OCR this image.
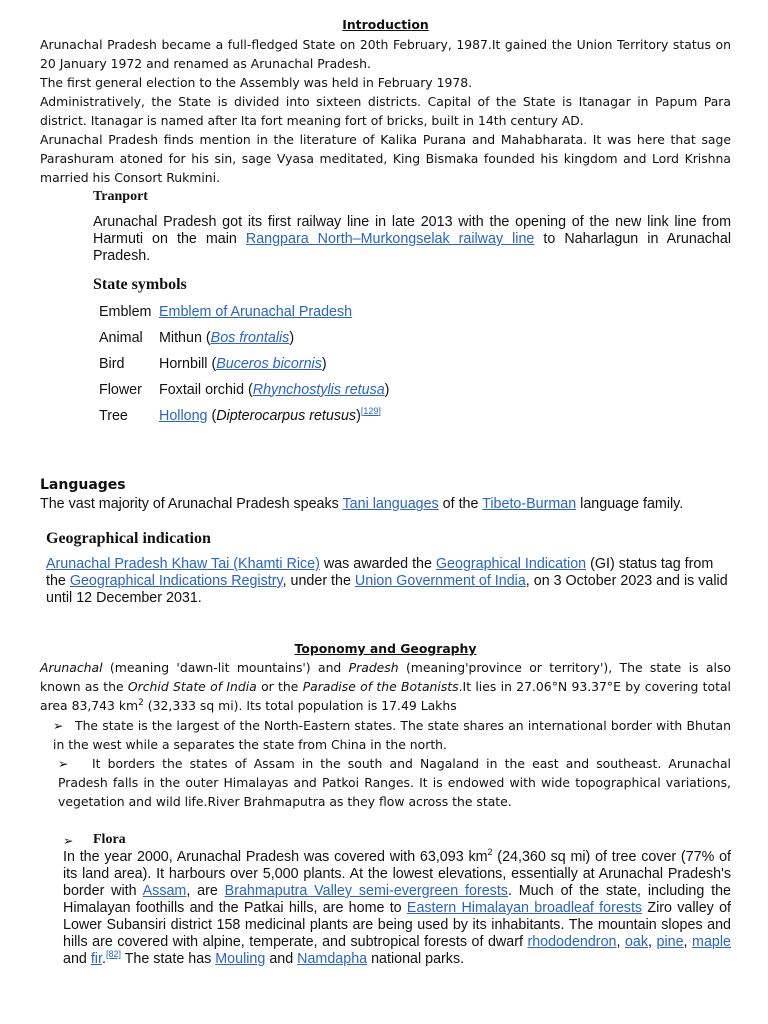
Introduction
Arunachal Pradesh became a full-fledged State on 20th February, 1987.It gained the Union Territory status on 20 January 1972 and renamed as Arunachal Pradesh.
The first general election to the Assembly was held in February 1978.
Administratively, the State is divided into sixteen districts. Capital of the State is Itanagar in Papum Para district. Itanagar is named after Ita fort meaning fort of bricks, built in 14th century AD.
Arunachal Pradesh finds mention in the literature of Kalika Purana and Mahabharata. It was here that sage Parashuram atoned for his sin, sage Vyasa meditated, King Bismaka founded his kingdom and Lord Krishna married his Consort Rukmini.
Tranport
Arunachal Pradesh got its first railway line in late 2013 with the opening of the new link line from Harmuti on the main Rangpara North–Murkongselak railway line to Naharlagun in Arunachal Pradesh.
State symbols
Emblem	Emblem of Arunachal Pradesh
Animal	Mithun (Bos frontalis)
Bird	Hornbill (Buceros bicornis)
Flower	Foxtail orchid (Rhynchostylis retusa)
Tree	Hollong (Dipterocarpus retusus)[129]
Languages
The vast majority of Arunachal Pradesh speaks Tani languages of the Tibeto-Burman language family.
Geographical indication
Arunachal Pradesh Khaw Tai (Khamti Rice) was awarded the Geographical Indication (GI) status tag from the Geographical Indications Registry, under the Union Government of India, on 3 October 2023 and is valid until 12 December 2031.
Toponomy and Geography
Arunachal (meaning 'dawn-lit mountains') and Pradesh (meaning'province or territory'), The state is also known as the Orchid State of India or the Paradise of the Botanists.It lies in 27.06°N 93.37°E by covering total area 83,743 $km^2$ (32,333 sq mi). Its total population is 17.49 Lakhs
➢ The state is the largest of the North-Eastern states. The state shares an international border with Bhutan in the west while a separates the state from China in the north.
➢ It borders the states of Assam in the south and Nagaland in the east and southeast. Arunachal Pradesh falls in the outer Himalayas and Patkoi Ranges. It is endowed with wide topographical variations, vegetation and wild life.River Brahmaputra as they flow across the state.
➢ Flora
In the year 2000, Arunachal Pradesh was covered with 63,093 $km^2$ (24,360 sq mi) of tree cover (77% of its land area). It harbours over 5,000 plants. At the lowest elevations, essentially at Arunachal Pradesh's border with Assam, are Brahmaputra Valley semi-evergreen forests. Much of the state, including the Himalayan foothills and the Patkai hills, are home to Eastern Himalayan broadleaf forests Ziro valley of Lower Subansiri district 158 medicinal plants are being used by its inhabitants. The mountain slopes and hills are covered with alpine, temperate, and subtropical forests of dwarf rhododendron, oak, pine, maple and fir.[82] The state has Mouling and Namdapha national parks.
